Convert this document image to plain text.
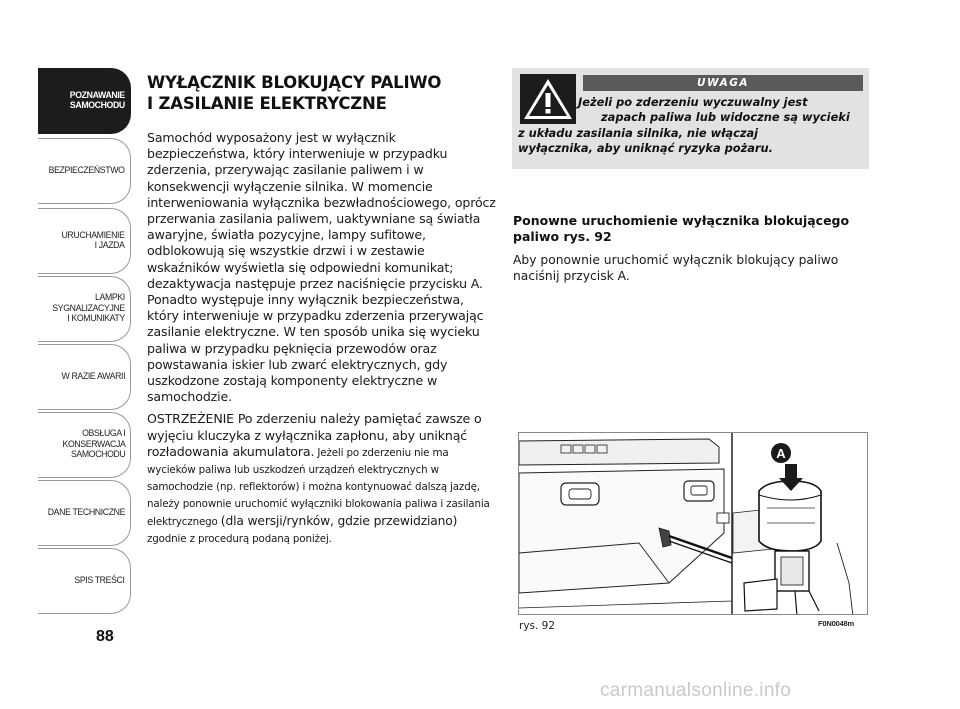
POZNAWANIE
SAMOCHODU
BEZPIECZEŃSTWO
URUCHAMIENIE
I JAZDA
LAMPKI
SYGNALIZACYJNE
I KOMUNIKATY
W RAZIE AWARII
OBSŁUGA I
KONSERWACJA
SAMOCHODU
DANE TECHNICZNE
SPIS TREŚCI
88
WYŁĄCZNIK BLOKUJĄCY PALIWO
I ZASILANIE ELEKTRYCZNE

Samochód wyposażony jest w wyłącznik bezpieczeństwa, który interweniuje w przypadku zderzenia, przerywając zasilanie paliwem i w konsekwencji wyłączenie silnika. W momencie interweniowania wyłącznika bezwładnościowego, oprócz przerwania zasilania paliwem, uaktywniane są światła awaryjne, światła pozycyjne, lampy sufitowe, odblokowują się wszystkie drzwi i w zestawie wskaźników wyświetla się odpowiedni komunikat; dezaktywacja następuje przez naciśnięcie przycisku A. Ponadto występuje inny wyłącznik bezpieczeństwa, który interweniuje w przypadku zderzenia przerywając zasilanie elektryczne. W ten sposób unika się wycieku paliwa w przypadku pęknięcia przewodów oraz powstawania iskier lub zwarć elektrycznych, gdy uszkodzone zostają komponenty elektryczne w samochodzie.

OSTRZEŻENIE Po zderzeniu należy pamiętać zawsze o wyjęciu kluczyka z wyłącznika zapłonu, aby uniknąć rozładowania akumulatora. Jeżeli po zderzeniu nie ma wycieków paliwa lub uszkodzeń urządzeń elektrycznych w samochodzie (np. reflektorów) i można kontynuować dalszą jazdę, należy ponownie uruchomić wyłączniki blokowania paliwa i zasilania elektrycznego (dla wersji/rynków, gdzie przewidziano) zgodnie z procedurą podaną poniżej.

UWAGA
Jeżeli po zderzeniu wyczuwalny jest
zapach paliwa lub widoczne są wycieki
z układu zasilania silnika, nie włączaj
wyłącznika, aby uniknąć ryzyka pożaru.
Ponowne uruchomienie wyłącznika blokującego paliwo rys. 92

Aby ponownie uruchomić wyłącznik blokujący paliwo naciśnij przycisk A.

A
rys. 92	F0N0048m
carmanualsonline.info
